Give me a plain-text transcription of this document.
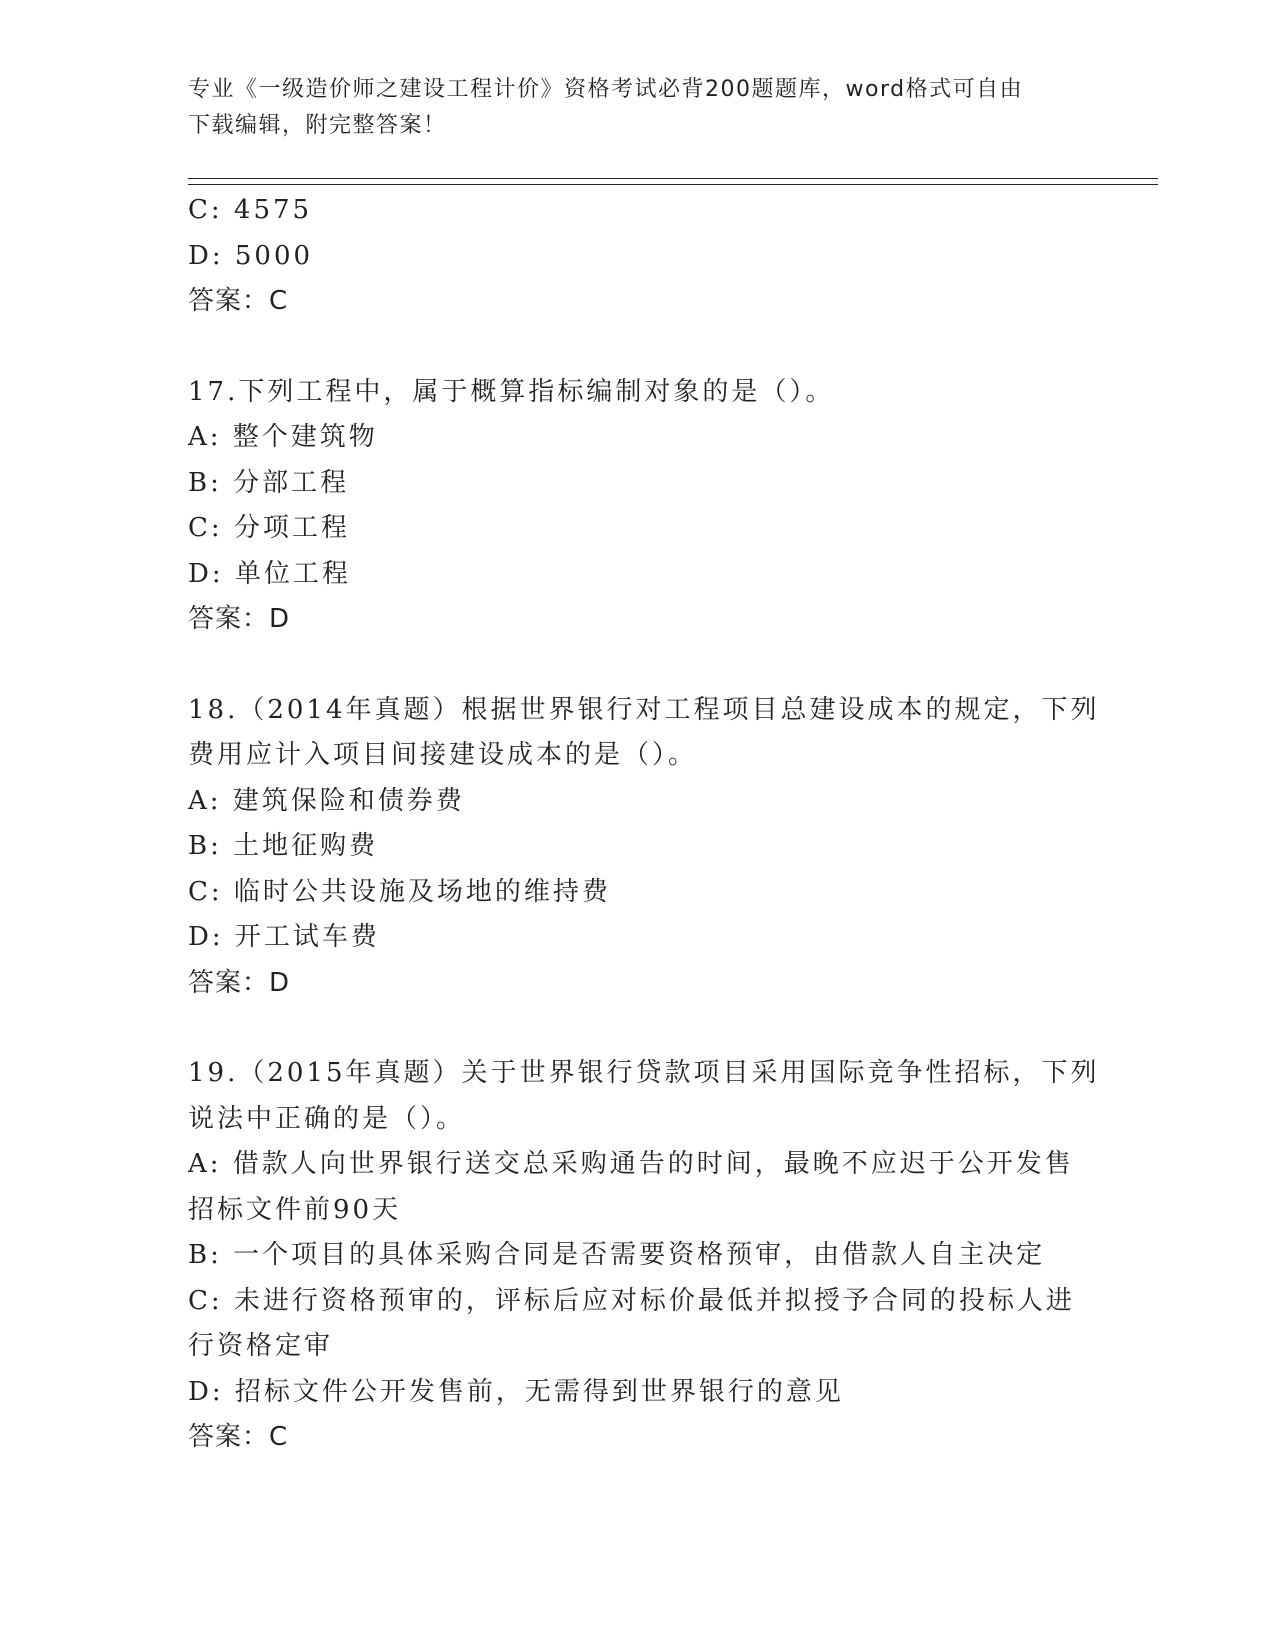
专业《一级造价师之建设工程计价》资格考试必背200题题库，word格式可自由
下载编辑，附完整答案！
C: 4575
D: 5000
答案：C
17.下列工程中，属于概算指标编制对象的是（）。
A: 整个建筑物
B: 分部工程
C: 分项工程
D: 单位工程
答案：D
18.（2014年真题）根据世界银行对工程项目总建设成本的规定，下列
费用应计入项目间接建设成本的是（）。
A: 建筑保险和债券费
B: 土地征购费
C: 临时公共设施及场地的维持费
D: 开工试车费
答案：D
19.（2015年真题）关于世界银行贷款项目采用国际竞争性招标，下列
说法中正确的是（）。
A: 借款人向世界银行送交总采购通告的时间，最晚不应迟于公开发售
招标文件前90天
B: 一个项目的具体采购合同是否需要资格预审，由借款人自主决定
C: 未进行资格预审的，评标后应对标价最低并拟授予合同的投标人进
行资格定审
D: 招标文件公开发售前，无需得到世界银行的意见
答案：C
